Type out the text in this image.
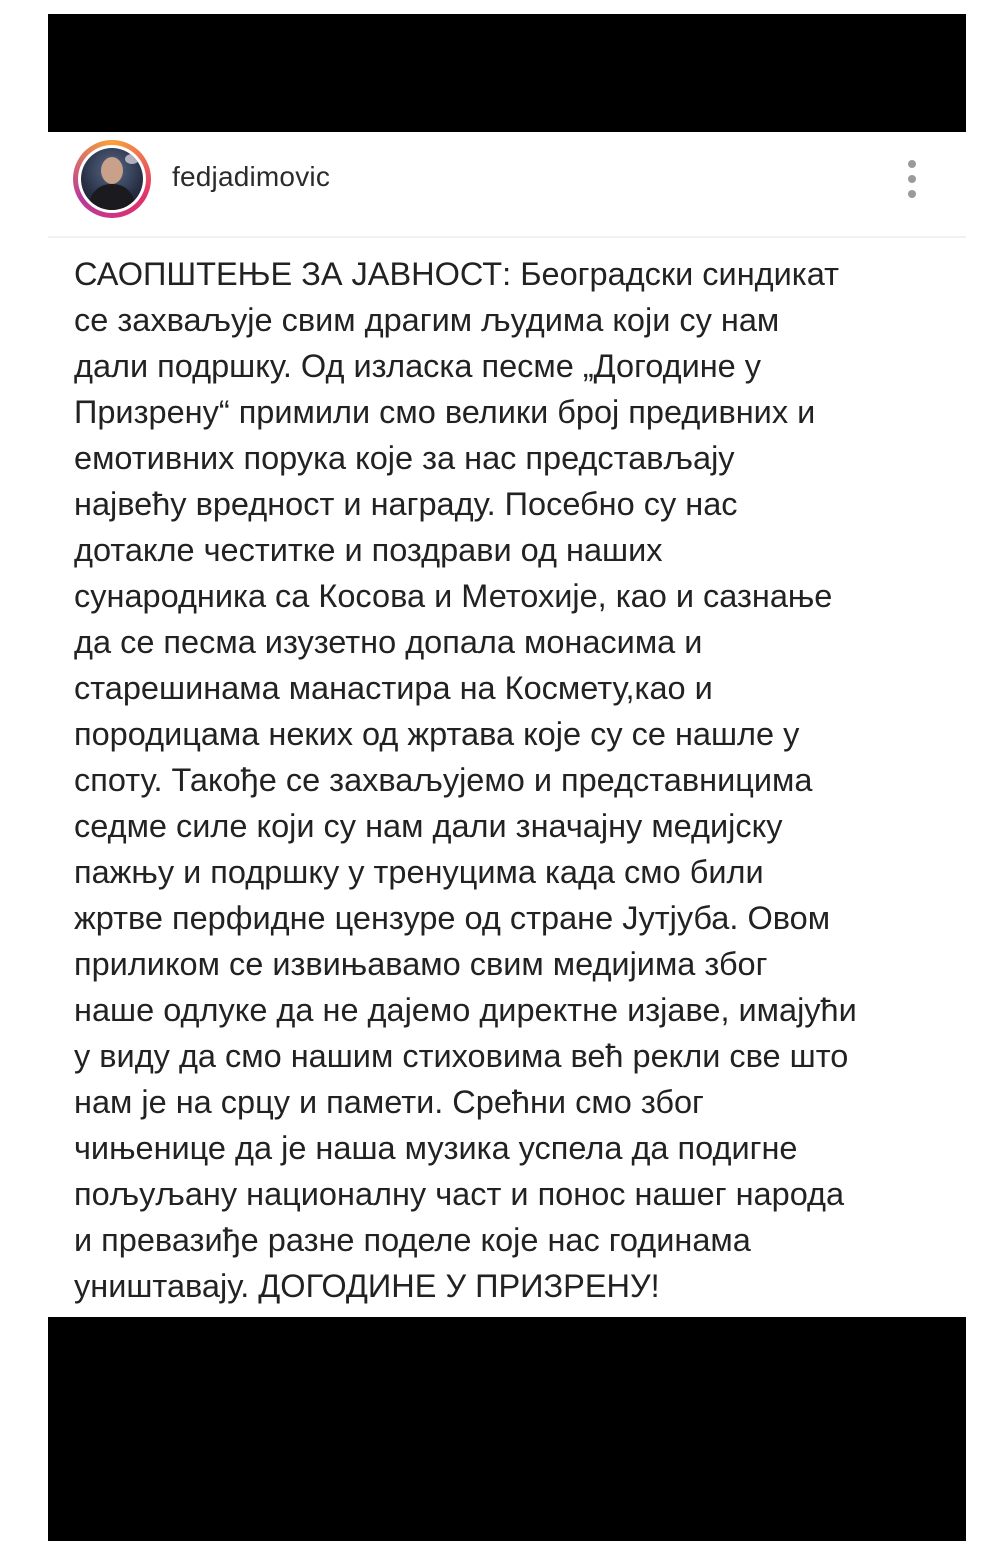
fedjadimovic
САОПШТЕЊЕ ЗА ЈАВНОСТ: Београдски синдикат
се захваљује свим драгим људима који су нам
дали подршку. Од изласка песме „Догодине у
Призрену“ примили смо велики број предивних и
емотивних порука које за нас представљају
највећу вредност и награду. Посебно су нас
дотакле честитке и поздрави од наших
сународника са Косова и Метохије, као и сазнање
да се песма изузетно допала монасима и
старешинама манастира на Космету,као и
породицама неких од жртава које су се нашле у
споту. Такође се захваљујемо и представницима
седме силе који су нам дали значајну медијску
пажњу и подршку у тренуцима када смо били
жртве перфидне цензуре од стране Јутјуба. Овом
приликом се извињавамо свим медијима због
наше одлуке да не дајемо директне изјаве, имајући
у виду да смо нашим стиховима већ рекли све што
нам је на срцу и памети. Срећни смо због
чињенице да је наша музика успела да подигне
пољуљану националну част и понос нашег народа
и превазиђе разне поделе које нас годинама
уништавају. ДОГОДИНЕ У ПРИЗРЕНУ!
